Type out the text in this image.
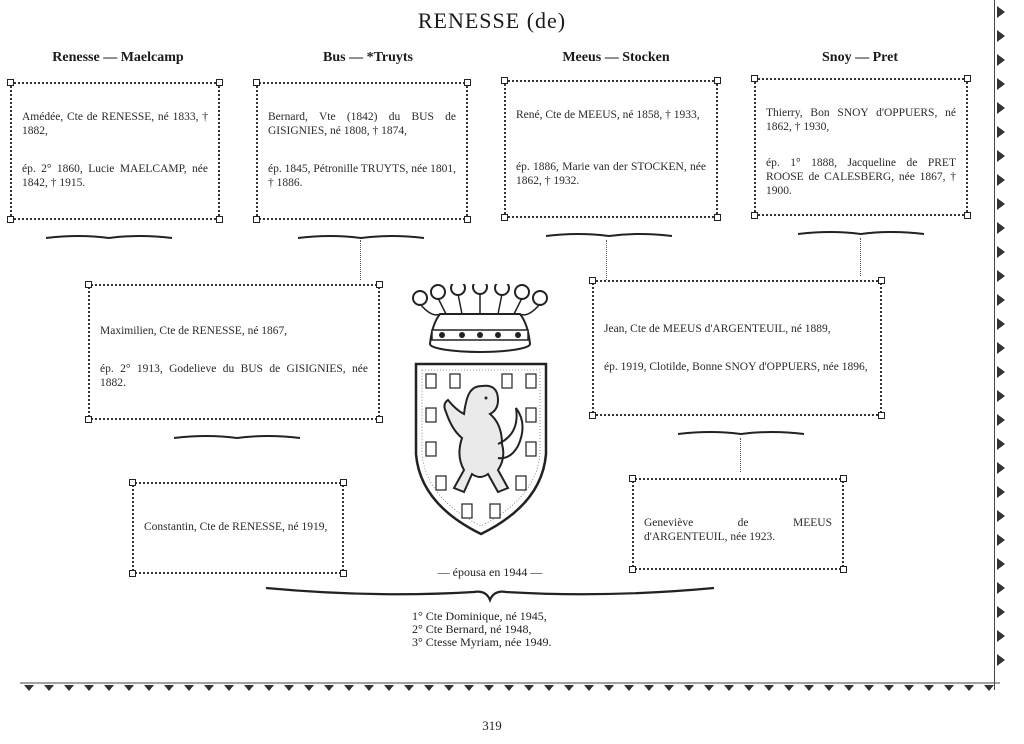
RENESSE (de)
Renesse — Maelcamp	Bus — *Truyts	Meeus — Stocken	Snoy — Pret
Amédée, Cte de RENESSE, né 1833, † 1882,
ép. 2° 1860, Lucie MAELCAMP, née 1842, † 1915.
Bernard, Vte (1842) du BUS de GISIGNIES, né 1808, † 1874,
ép. 1845, Pétronille TRUYTS, née 1801, † 1886.
René, Cte de MEEUS, né 1858, † 1933,
ép. 1886, Marie van der STOCKEN, née 1862, † 1932.
Thierry, Bon SNOY d'OPPUERS, né 1862, † 1930,
ép. 1° 1888, Jacqueline de PRET ROOSE de CALESBERG, née 1867, † 1900.
Maximilien, Cte de RENESSE, né 1867,
ép. 2° 1913, Godelieve du BUS de GISIGNIES, née 1882.
Jean, Cte de MEEUS d'ARGENTEUIL, né 1889,
ép. 1919, Clotilde, Bonne SNOY d'OPPUERS, née 1896,
Constantin, Cte de RENESSE, né 1919,	Geneviève de MEEUS d'ARGENTEUIL, née 1923.
— épousa en 1944 —
1° Cte Dominique, né 1945,
2° Cte Bernard, né 1948,
3° Ctesse Myriam, née 1949.
319
